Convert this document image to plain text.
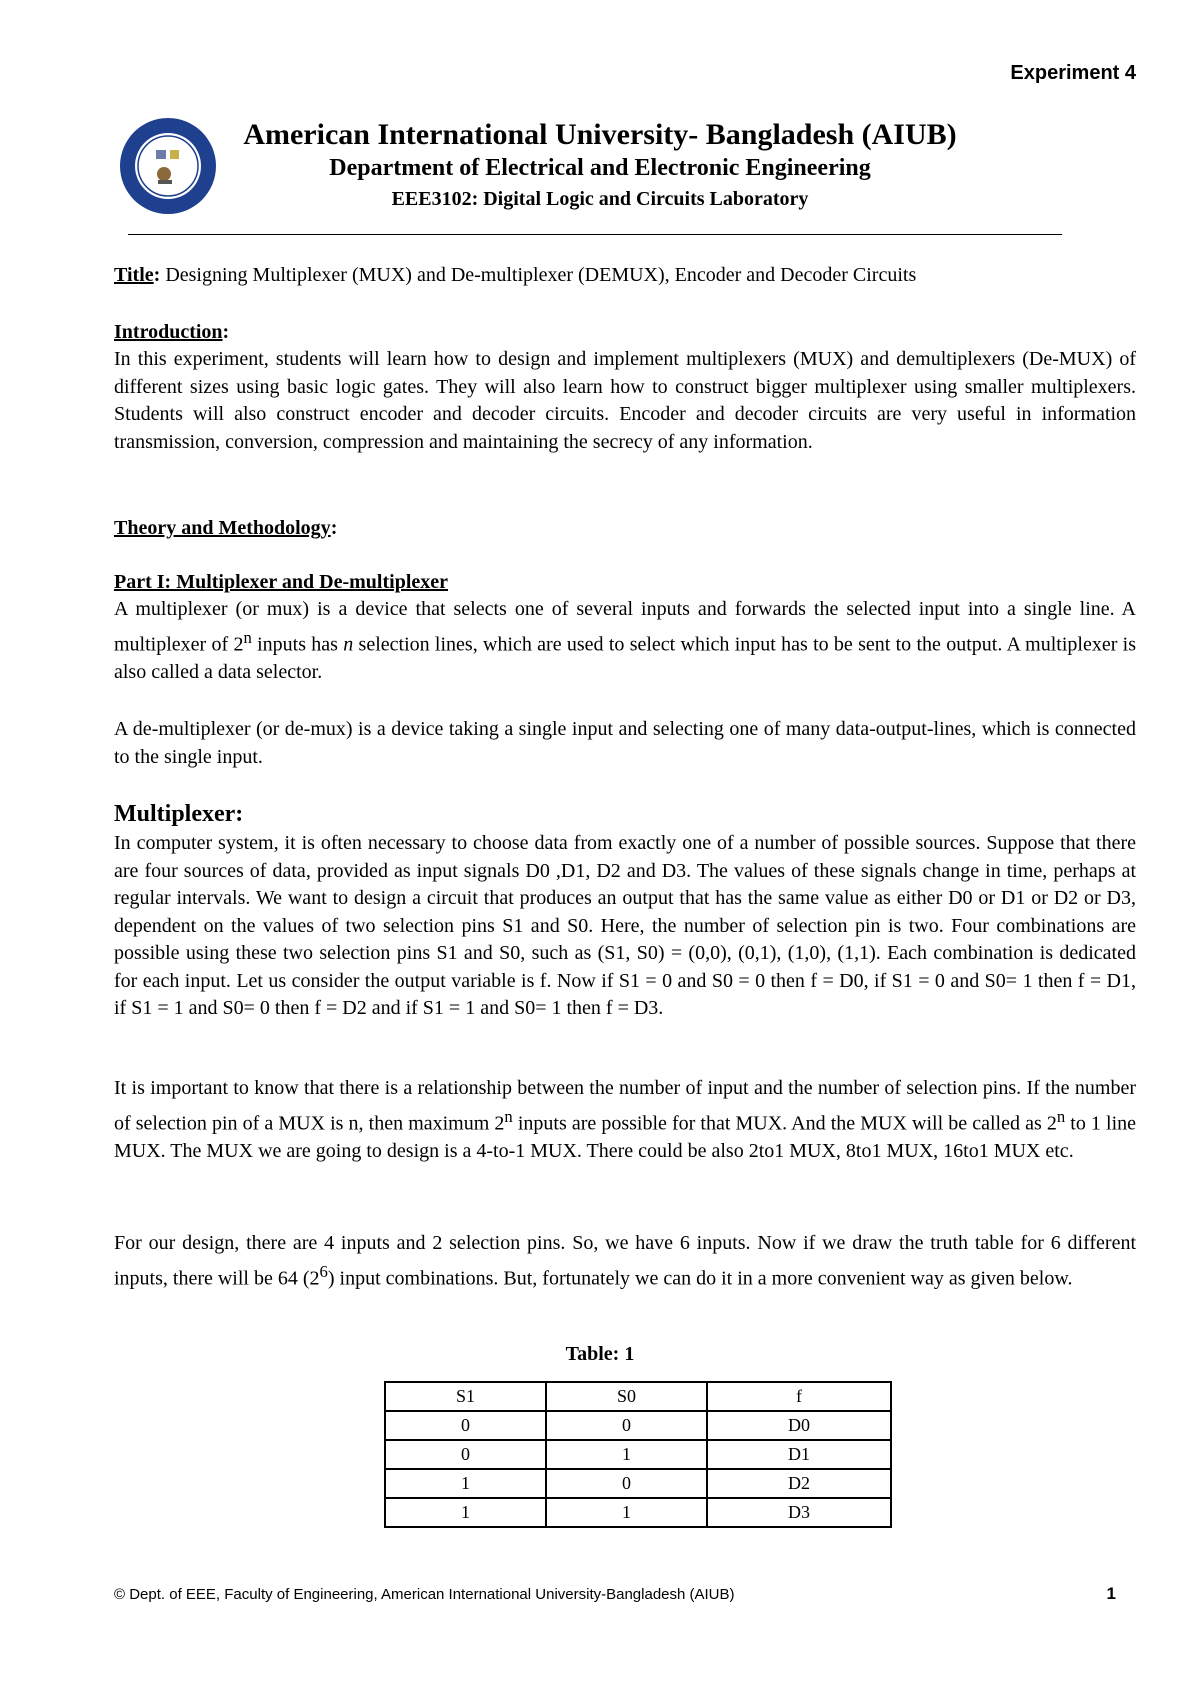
Experiment 4
American International University- Bangladesh (AIUB)
Department of Electrical and Electronic Engineering
EEE3102: Digital Logic and Circuits Laboratory
Title: Designing Multiplexer (MUX) and De-multiplexer (DEMUX), Encoder and Decoder Circuits
Introduction:
In this experiment, students will learn how to design and implement multiplexers (MUX) and demultiplexers (De-MUX) of different sizes using basic logic gates. They will also learn how to construct bigger multiplexer using smaller multiplexers. Students will also construct encoder and decoder circuits. Encoder and decoder circuits are very useful in information transmission, conversion, compression and maintaining the secrecy of any information.
Theory and Methodology:
Part I: Multiplexer and De-multiplexer
A multiplexer (or mux) is a device that selects one of several inputs and forwards the selected input into a single line. A multiplexer of 2$^n$ inputs has n selection lines, which are used to select which input has to be sent to the output. A multiplexer is also called a data selector.
A de-multiplexer (or de-mux) is a device taking a single input and selecting one of many data-output-lines, which is connected to the single input.
Multiplexer:
In computer system, it is often necessary to choose data from exactly one of a number of possible sources. Suppose that there are four sources of data, provided as input signals D0 ,D1, D2 and D3. The values of these signals change in time, perhaps at regular intervals. We want to design a circuit that produces an output that has the same value as either D0 or D1 or D2 or D3, dependent on the values of two selection pins S1 and S0. Here, the number of selection pin is two. Four combinations are possible using these two selection pins S1 and S0, such as (S1, S0) = (0,0), (0,1), (1,0), (1,1). Each combination is dedicated for each input. Let us consider the output variable is f. Now if S1 = 0 and S0 = 0 then f = D0, if S1 = 0 and S0= 1 then f = D1, if S1 = 1 and S0= 0 then f = D2 and if S1 = 1 and S0= 1 then f = D3.
It is important to know that there is a relationship between the number of input and the number of selection pins. If the number of selection pin of a MUX is n, then maximum 2$^n$ inputs are possible for that MUX. And the MUX will be called as 2$^n$ to 1 line MUX. The MUX we are going to design is a 4-to-1 MUX. There could be also 2to1 MUX, 8to1 MUX, 16to1 MUX etc.
For our design, there are 4 inputs and 2 selection pins. So, we have 6 inputs. Now if we draw the truth table for 6 different inputs, there will be 64 $(2^6)$ input combinations. But, fortunately we can do it in a more convenient way as given below.
Table: 1
S1	S0	f
0	0	D0
0	1	D1
1	0	D2
1	1	D3
© Dept. of EEE, Faculty of Engineering, American International University-Bangladesh (AIUB)	1
